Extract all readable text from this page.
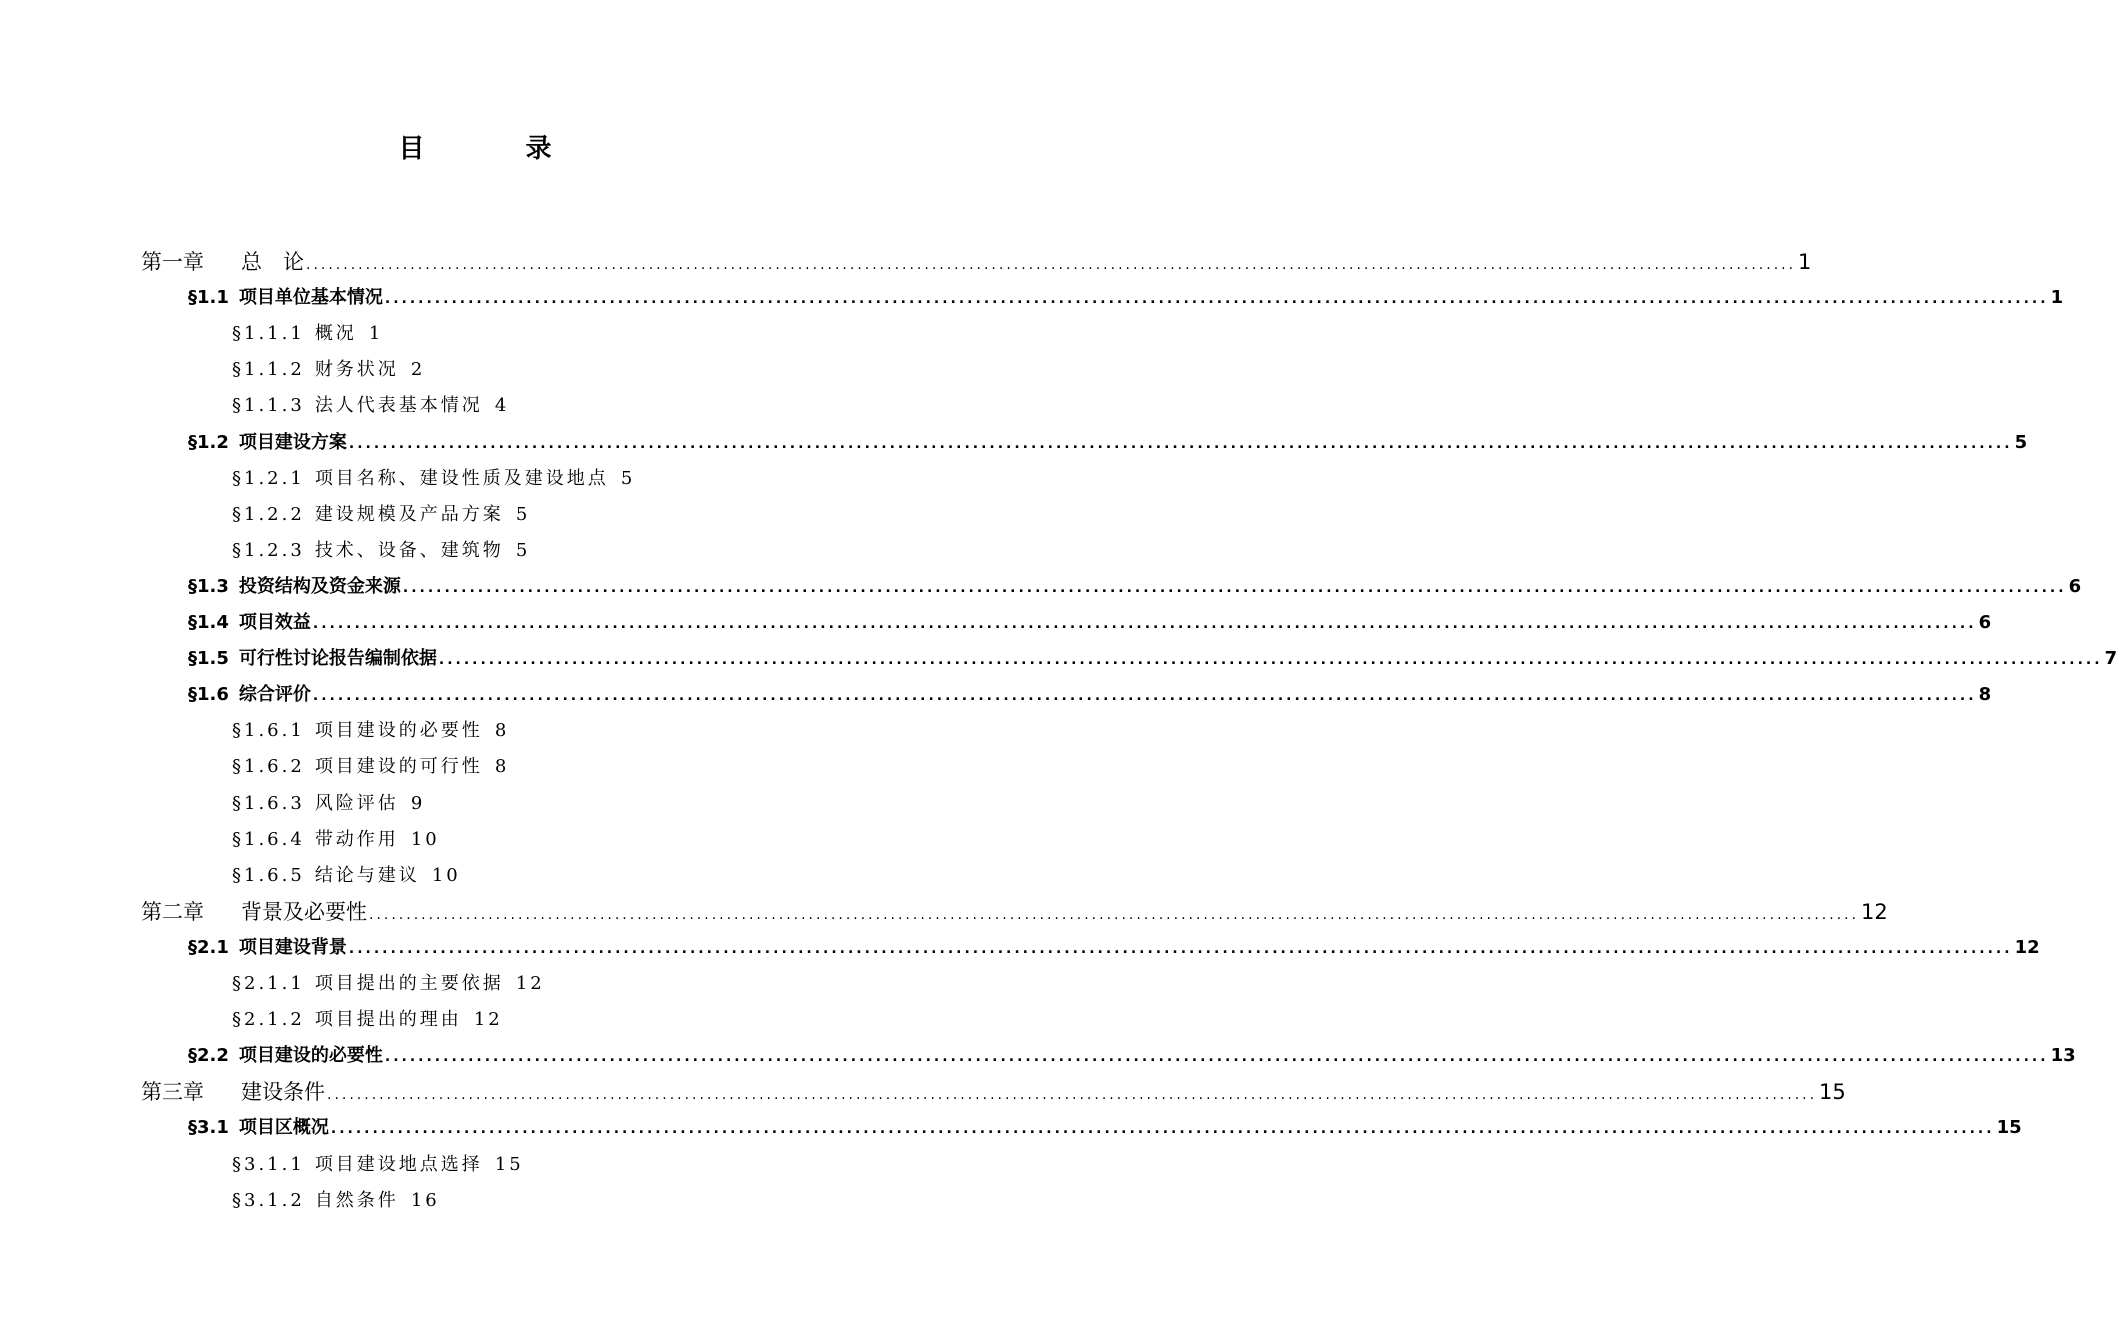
目 录
第一章	总　论 ........................................................................................................................................................................................................ 1
§1.1 项目单位基本情况 ........................................................................................................................................................................................................ 1
§1.1.1 概况 1
§1.1.2 财务状况 2
§1.1.3 法人代表基本情况 4
§1.2 项目建设方案 ........................................................................................................................................................................................................ 5
§1.2.1 项目名称、建设性质及建设地点 5
§1.2.2 建设规模及产品方案 5
§1.2.3 技术、设备、建筑物 5
§1.3 投资结构及资金来源 ........................................................................................................................................................................................................ 6
§1.4 项目效益 ........................................................................................................................................................................................................ 6
§1.5 可行性讨论报告编制依据 ........................................................................................................................................................................................................ 7
§1.6 综合评价 ........................................................................................................................................................................................................ 8
§1.6.1 项目建设的必要性 8
§1.6.2 项目建设的可行性 8
§1.6.3 风险评估 9
§1.6.4 带动作用 10
§1.6.5 结论与建议 10
第二章	背景及必要性 ........................................................................................................................................................................................................ 12
§2.1 项目建设背景 ........................................................................................................................................................................................................ 12
§2.1.1 项目提出的主要依据 12
§2.1.2 项目提出的理由 12
§2.2 项目建设的必要性 ........................................................................................................................................................................................................ 13
第三章	建设条件 ........................................................................................................................................................................................................ 15
§3.1 项目区概况 ........................................................................................................................................................................................................ 15
§3.1.1 项目建设地点选择 15
§3.1.2 自然条件 16
